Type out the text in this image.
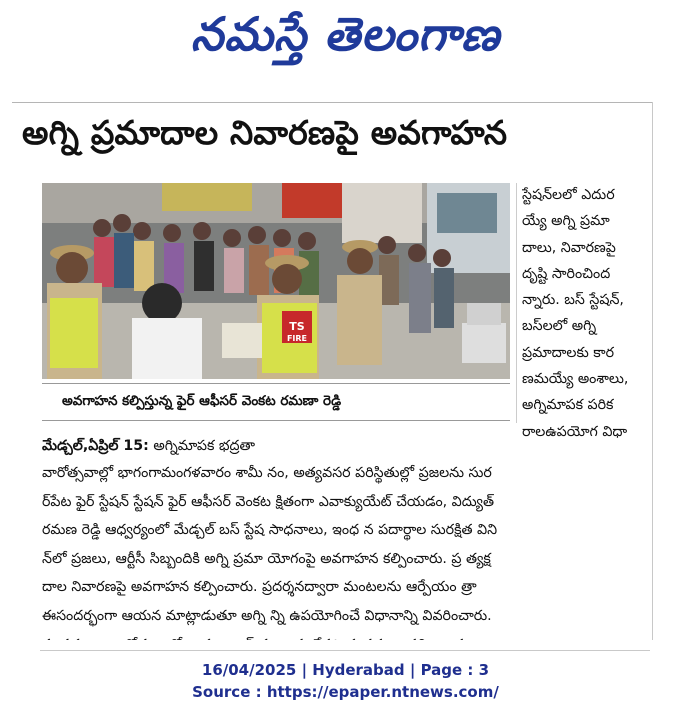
నమస్తే తెలంగాణ
అగ్ని ప్రమాదాల నివారణపై అవగాహన
TS
FIRE
అవగాహన కల్పిస్తున్న ఫైర్ ఆఫీసర్ వెంకట రమణా రెడ్డి
స్టేషన్‌లలో ఎదుర
య్యే అగ్ని ప్రమా
దాలు, నివారణపై
దృష్టి సారించింద
న్నారు. బస్ స్టేషన్,
బస్‌లలో అగ్ని
ప్రమాదాలకు కార
ణమయ్యే అంశాలు,
అగ్నిమాపక పరిక
రాలఉపయోగ విధా
మేడ్చల్,ఏప్రిల్ 15: అగ్నిమాపక భద్రతా
వారోత్సవాల్లో భాగంగామంగళవారం శామీ నం, అత్యవసర పరిస్థితుల్లో ప్రజలను సుర
ర్‌పేట ఫైర్ స్టేషన్ స్టేషన్ ఫైర్ ఆఫీసర్ వెంకట క్షితంగా ఎవాక్యుయేట్ చేయడం, విద్యుత్
రమణ రెడ్డి ఆధ్వర్యంలో మేడ్చల్ బస్ స్టేష సాధనాలు, ఇంధ న పదార్థాల సురక్షిత విని
న్‌లో ప్రజలు, ఆర్టీసీ సిబ్బందికి అగ్ని ప్రమా యోగంపై అవగాహన కల్పించారు. ప్ర త్యక్ష
దాల నివారణపై అవగాహన కల్పించారు. ప్రదర్శనద్వారా మంటలను ఆర్పేయం త్రా
ఈసందర్భంగా ఆయన మాట్లాడుతూ అగ్ని న్ని ఉపయోగించే విధానాన్ని వివరించారు.
16/04/2025 | Hyderabad | Page : 3
Source : https://epaper.ntnews.com/
